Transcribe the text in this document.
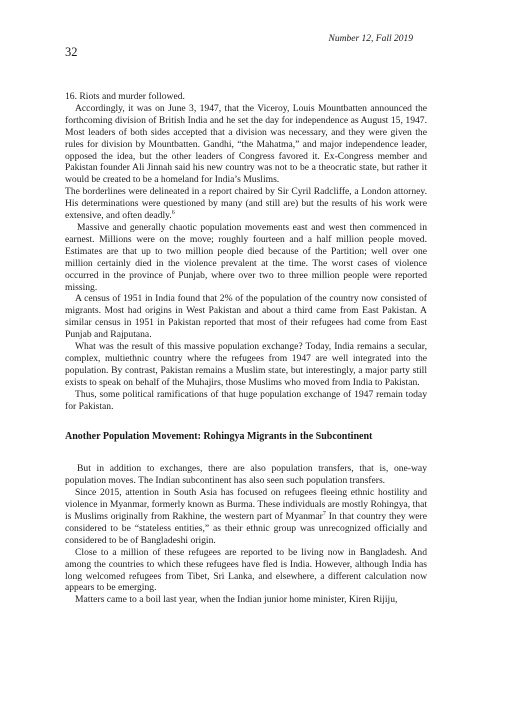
Number 12, Fall 2019
32

16. Riots and murder followed.

Accordingly, it was on June 3, 1947, that the Viceroy, Louis Mountbatten announced the forthcoming division of British India and he set the day for independence as August 15, 1947. Most leaders of both sides accepted that a division was necessary, and they were given the rules for division by Mountbatten. Gandhi, “the Mahatma,” and major independence leader, opposed the idea, but the other leaders of Congress favored it. Ex-Congress member and Pakistan founder Ali Jinnah said his new country was not to be a theocratic state, but rather it would be created to be a homeland for India’s Muslims.

The borderlines were delineated in a report chaired by Sir Cyril Radcliffe, a London attorney. His determinations were questioned by many (and still are) but the results of his work were extensive, and often deadly.$^6$

Massive and generally chaotic population movements east and west then commenced in earnest. Millions were on the move; roughly fourteen and a half million people moved. Estimates are that up to two million people died because of the Partition; well over one million certainly died in the violence prevalent at the time. The worst cases of violence occurred in the province of Punjab, where over two to three million people were reported missing.

A census of 1951 in India found that 2% of the population of the country now consisted of migrants. Most had origins in West Pakistan and about a third came from East Pakistan. A similar census in 1951 in Pakistan reported that most of their refugees had come from East Punjab and Rajputana.

What was the result of this massive population exchange? Today, India remains a secular, complex, multiethnic country where the refugees from 1947 are well integrated into the population. By contrast, Pakistan remains a Muslim state, but interestingly, a major party still exists to speak on behalf of the Muhajirs, those Muslims who moved from India to Pakistan.

Thus, some political ramifications of that huge population exchange of 1947 remain today for Pakistan.

Another Population Movement: Rohingya Migrants in the Subcontinent

But in addition to exchanges, there are also population transfers, that is, one-way population moves. The Indian subcontinent has also seen such population transfers.

Since 2015, attention in South Asia has focused on refugees fleeing ethnic hostility and violence in Myanmar, formerly known as Burma. These individuals are mostly Rohingya, that is Muslims originally from Rakhine, the western part of Myanmar$^7$ In that country they were considered to be “stateless entities,” as their ethnic group was unrecognized officially and considered to be of Bangladeshi origin.

Close to a million of these refugees are reported to be living now in Bangladesh. And among the countries to which these refugees have fled is India. However, although India has long welcomed refugees from Tibet, Sri Lanka, and elsewhere, a different calculation now appears to be emerging.

Matters came to a boil last year, when the Indian junior home minister, Kiren Rijiju,
